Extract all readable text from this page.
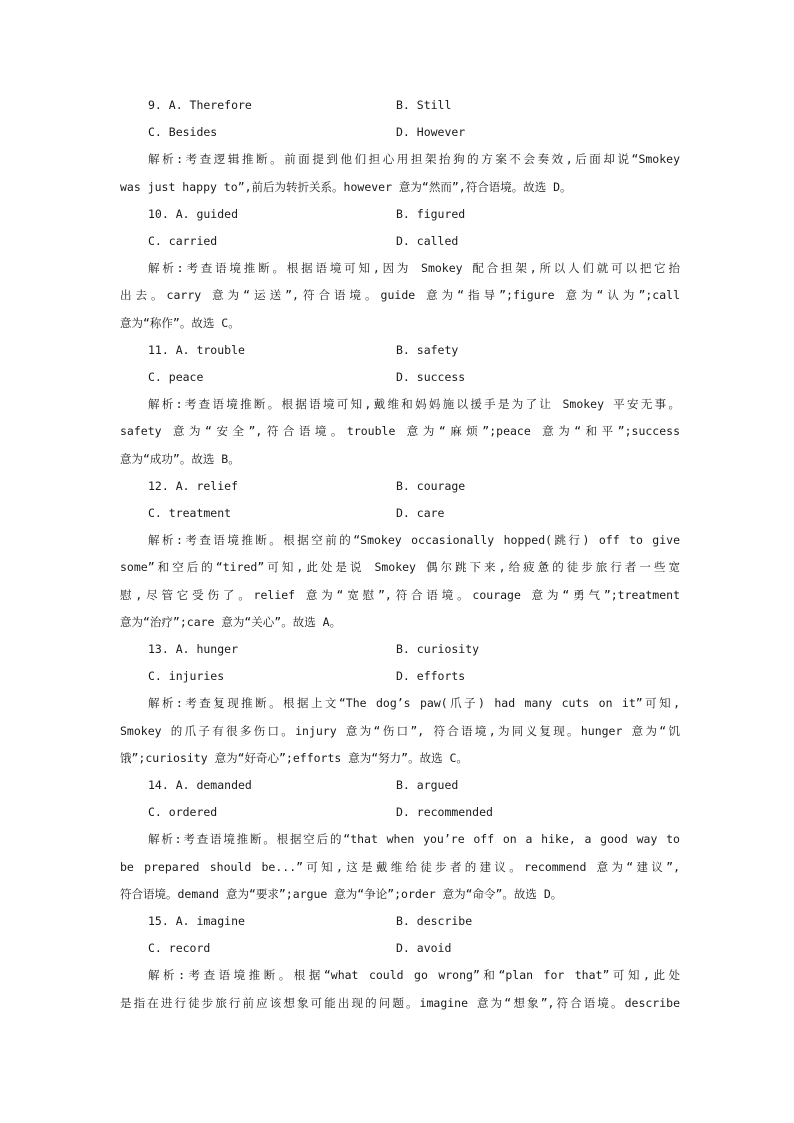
9. A. Therefore	B. Still
C. Besides	D. However
解析:考查逻辑推断。前面提到他们担心用担架抬狗的方案不会奏效,后面却说“Smokey
was just happy to”,前后为转折关系。however 意为“然而”,符合语境。故选 D。
10. A. guided	B. figured
C. carried	D. called
解析:考查语境推断。根据语境可知,因为 Smokey 配合担架,所以人们就可以把它抬
出去。carry 意为“运送”,符合语境。guide 意为“指导”;figure 意为“认为”;call
意为“称作”。故选 C。
11. A. trouble	B. safety
C. peace	D. success
解析:考查语境推断。根据语境可知,戴维和妈妈施以援手是为了让 Smokey 平安无事。
safety 意为“安全”,符合语境。trouble 意为“麻烦”;peace 意为“和平”;success
意为“成功”。故选 B。
12. A. relief	B. courage
C. treatment	D. care
解析:考查语境推断。根据空前的“Smokey occasionally hopped(跳行) off to give
some”和空后的“tired”可知,此处是说 Smokey 偶尔跳下来,给疲惫的徒步旅行者一些宽
慰,尽管它受伤了。relief 意为“宽慰”,符合语境。courage 意为“勇气”;treatment
意为“治疗”;care 意为“关心”。故选 A。
13. A. hunger	B. curiosity
C. injuries	D. efforts
解析:考查复现推断。根据上文“The dog’s paw(爪子) had many cuts on it”可知,
Smokey 的爪子有很多伤口。injury 意为“伤口”, 符合语境,为同义复现。hunger 意为“饥
饿”;curiosity 意为“好奇心”;efforts 意为“努力”。故选 C。
14. A. demanded	B. argued
C. ordered	D. recommended
解析:考查语境推断。根据空后的“that when you’re off on a hike, a good way to
be prepared should be...”可知,这是戴维给徒步者的建议。recommend 意为“建议”,
符合语境。demand 意为“要求”;argue 意为“争论”;order 意为“命令”。故选 D。
15. A. imagine	B. describe
C. record	D. avoid
解析:考查语境推断。根据“what could go wrong”和“plan for that”可知,此处
是指在进行徒步旅行前应该想象可能出现的问题。imagine 意为“想象”,符合语境。describe
